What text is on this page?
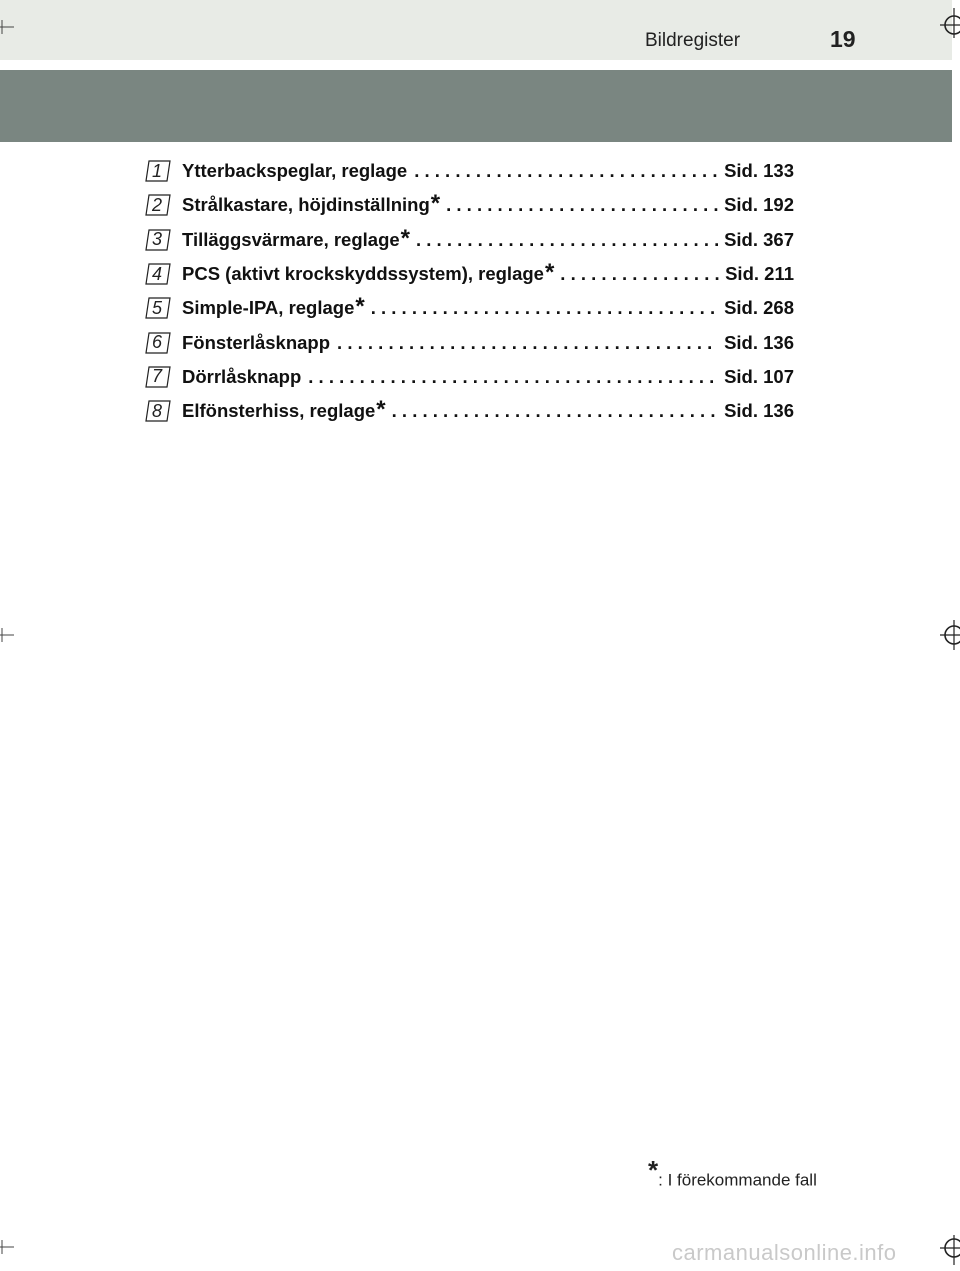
Bildregister	19
1 Ytterbackspeglar, reglage . . .	Sid. 133
2 Strålkastare, höjdinställning * . . .	Sid. 192
3 Tilläggsvärmare, reglage * . . .	Sid. 367
4 PCS (aktivt krockskyddssystem), reglage * . . .	Sid. 211
5 Simple-IPA, reglage * . . .	Sid. 268
6 Fönsterlåsknapp . . .	Sid. 136
7 Dörrlåsknapp . . .	Sid. 107
8 Elfönsterhiss, reglage * . . .	Sid. 136
*: I förekommande fall
carmanualsonline.info
